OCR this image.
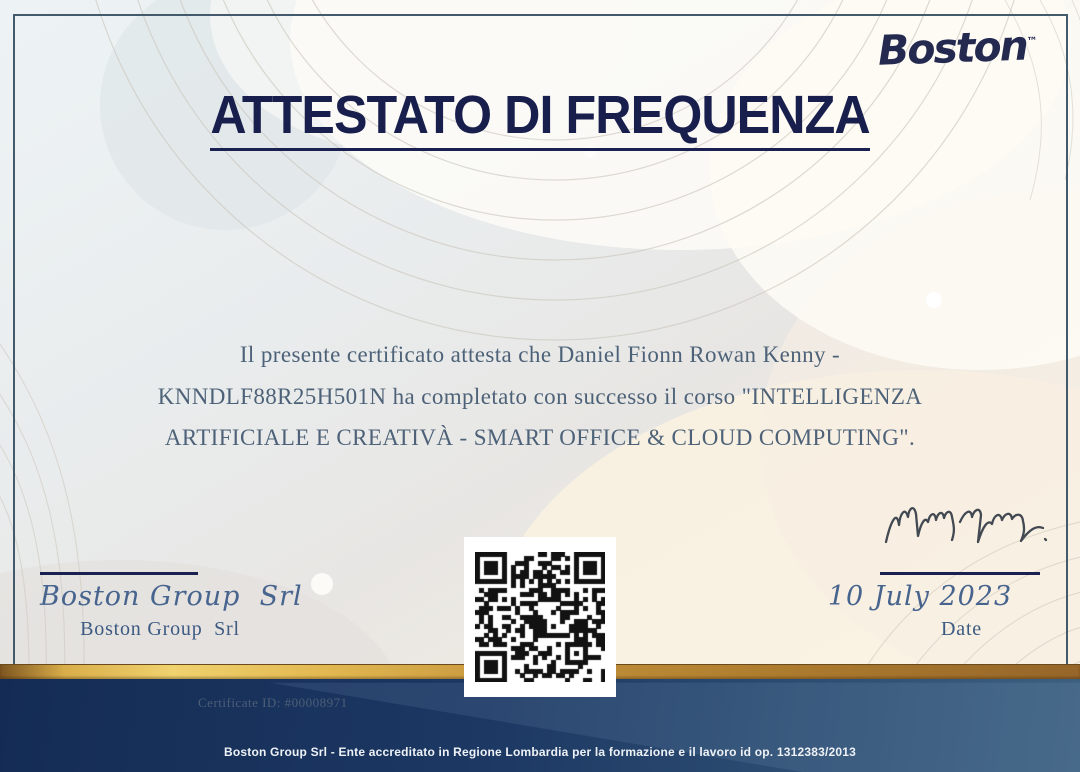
Boston™
ATTESTATO DI FREQUENZA
Il presente certificato attesta che Daniel Fionn Rowan Kenny -
KNNDLF88R25H501N ha completato con successo il corso "INTELLIGENZA
ARTIFICIALE E CREATIVÀ - SMART OFFICE & CLOUD COMPUTING".
Boston Group  Srl
Boston Group  Srl
10 July 2023
Date
Certificate ID: #00008971
Boston Group Srl - Ente accreditato in Regione Lombardia per la formazione e il lavoro id op. 1312383/2013
